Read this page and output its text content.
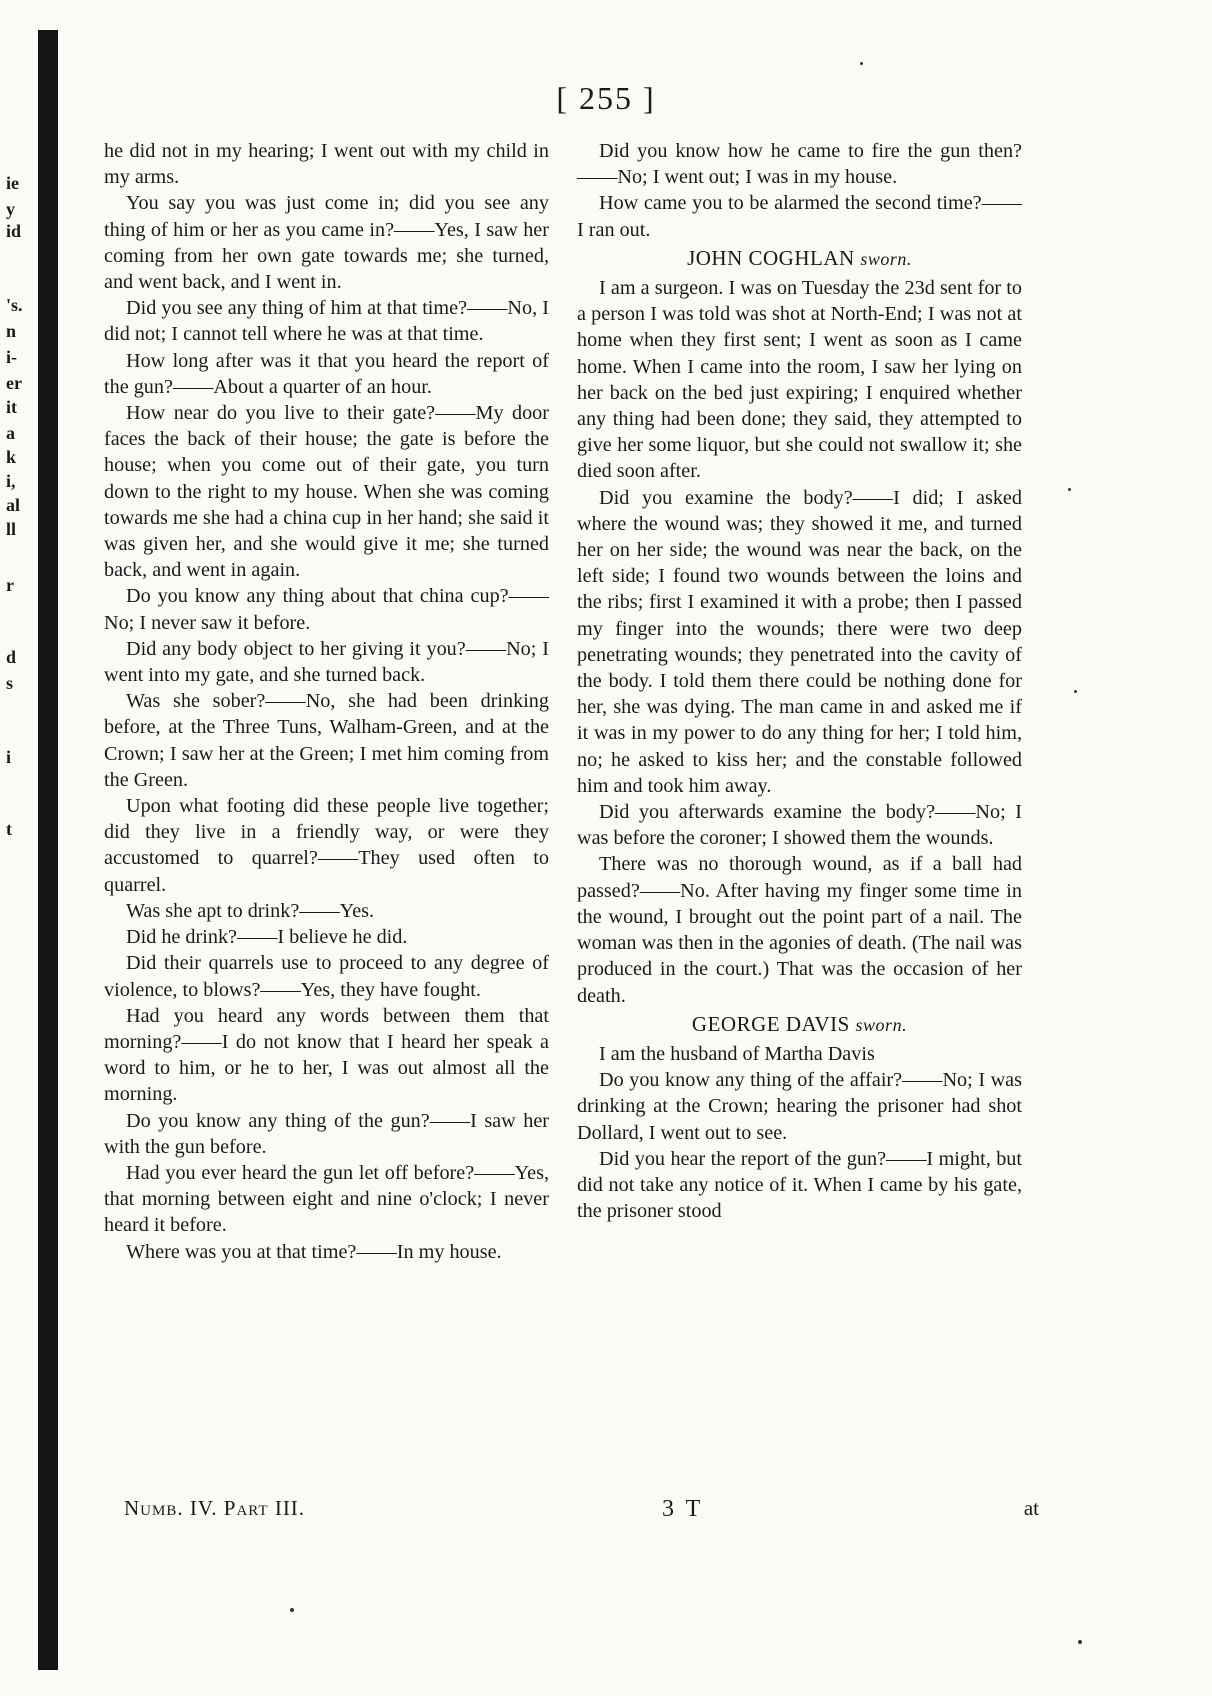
ie
y
id
's.
n
i-
er
it
a
k
i,
al
ll
r
d
s
i
t
[ 255 ]

he did not in my hearing; I went out with my child in my arms.

You say you was just come in; did you see any thing of him or her as you came in?——Yes, I saw her coming from her own gate towards me; she turned, and went back, and I went in.

Did you see any thing of him at that time?——No, I did not; I cannot tell where he was at that time.

How long after was it that you heard the report of the gun?——About a quarter of an hour.

How near do you live to their gate?——My door faces the back of their house; the gate is before the house; when you come out of their gate, you turn down to the right to my house. When she was coming towards me she had a china cup in her hand; she said it was given her, and she would give it me; she turned back, and went in again.

Do you know any thing about that china cup?——No; I never saw it before.

Did any body object to her giving it you?——No; I went into my gate, and she turned back.

Was she sober?——No, she had been drinking before, at the Three Tuns, Walham-Green, and at the Crown; I saw her at the Green; I met him coming from the Green.

Upon what footing did these people live together; did they live in a friendly way, or were they accustomed to quarrel?——They used often to quarrel.

Was she apt to drink?——Yes.

Did he drink?——I believe he did.

Did their quarrels use to proceed to any degree of violence, to blows?——Yes, they have fought.

Had you heard any words between them that morning?——I do not know that I heard her speak a word to him, or he to her, I was out almost all the morning.

Do you know any thing of the gun?——I saw her with the gun before.

Had you ever heard the gun let off before?——Yes, that morning between eight and nine o'clock; I never heard it before.

Where was you at that time?——In my house.

Did you know how he came to fire the gun then?——No; I went out; I was in my house.

How came you to be alarmed the second time?——I ran out.

JOHN COGHLAN sworn.

I am a surgeon. I was on Tuesday the 23d sent for to a person I was told was shot at North-End; I was not at home when they first sent; I went as soon as I came home. When I came into the room, I saw her lying on her back on the bed just expiring; I enquired whether any thing had been done; they said, they attempted to give her some liquor, but she could not swallow it; she died soon after.

Did you examine the body?——I did; I asked where the wound was; they showed it me, and turned her on her side; the wound was near the back, on the left side; I found two wounds between the loins and the ribs; first I examined it with a probe; then I passed my finger into the wounds; there were two deep penetrating wounds; they penetrated into the cavity of the body. I told them there could be nothing done for her, she was dying. The man came in and asked me if it was in my power to do any thing for her; I told him, no; he asked to kiss her; and the constable followed him and took him away.

Did you afterwards examine the body?——No; I was before the coroner; I showed them the wounds.

There was no thorough wound, as if a ball had passed?——No. After having my finger some time in the wound, I brought out the point part of a nail. The woman was then in the agonies of death. (The nail was produced in the court.) That was the occasion of her death.

GEORGE DAVIS sworn.

I am the husband of Martha Davis

Do you know any thing of the affair?——No; I was drinking at the Crown; hearing the prisoner had shot Dollard, I went out to see.

Did you hear the report of the gun?——I might, but did not take any notice of it. When I came by his gate, the prisoner stood

Numb. IV. Part III.	3 T	at
